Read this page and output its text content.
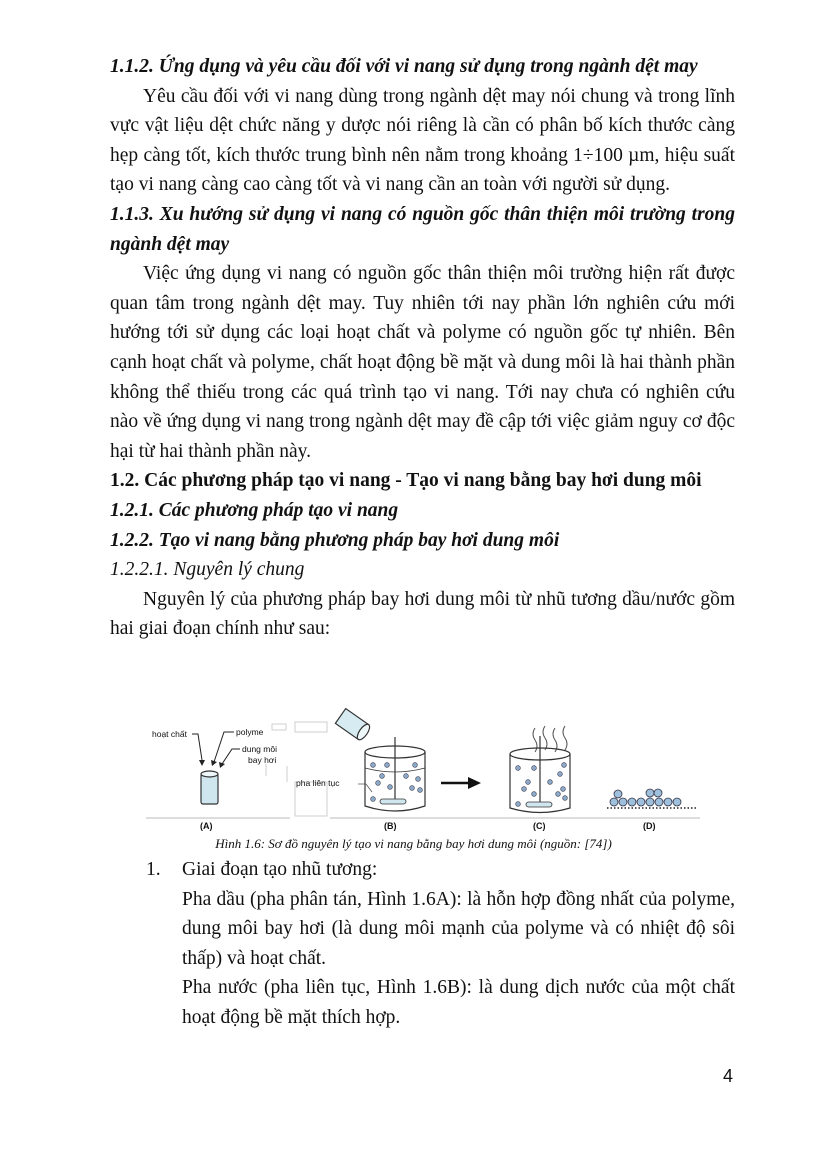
1.1.2. Ứng dụng và yêu cầu đối với vi nang sử dụng trong ngành dệt may

Yêu cầu đối với vi nang dùng trong ngành dệt may nói chung và trong lĩnh vực vật liệu dệt chức năng y dược nói riêng là cần có phân bố kích thước càng hẹp càng tốt, kích thước trung bình nên nằm trong khoảng 1÷100 µm, hiệu suất tạo vi nang càng cao càng tốt và vi nang cần an toàn với người sử dụng.

1.1.3. Xu hướng sử dụng vi nang có nguồn gốc thân thiện môi trường trong ngành dệt may

Việc ứng dụng vi nang có nguồn gốc thân thiện môi trường hiện rất được quan tâm trong ngành dệt may. Tuy nhiên tới nay phần lớn nghiên cứu mới hướng tới sử dụng các loại hoạt chất và polyme có nguồn gốc tự nhiên. Bên cạnh hoạt chất và polyme, chất hoạt động bề mặt và dung môi là hai thành phần không thể thiếu trong các quá trình tạo vi nang. Tới nay chưa có nghiên cứu nào về ứng dụng vi nang trong ngành dệt may đề cập tới việc giảm nguy cơ độc hại từ hai thành phần này.

1.2. Các phương pháp tạo vi nang - Tạo vi nang bằng bay hơi dung môi
1.2.1. Các phương pháp tạo vi nang
1.2.2. Tạo vi nang bằng phương pháp bay hơi dung môi
1.2.2.1. Nguyên lý chung

Nguyên lý của phương pháp bay hơi dung môi từ nhũ tương dầu/nước gồm hai giai đoạn chính như sau:

hoạt chất	polyme
dung môi
bay hơi
(A)
pha liên tục
(B)	(C)	(D)
Hình 1.6: Sơ đồ nguyên lý tạo vi nang bằng bay hơi dung môi (nguồn: [74])
1. Giai đoạn tạo nhũ tương:

Pha dầu (pha phân tán, Hình 1.6A): là hỗn hợp đồng nhất của polyme, dung môi bay hơi (là dung môi mạnh của polyme và có nhiệt độ sôi thấp) và hoạt chất.

Pha nước (pha liên tục, Hình 1.6B): là dung dịch nước của một chất hoạt động bề mặt thích hợp.

4
